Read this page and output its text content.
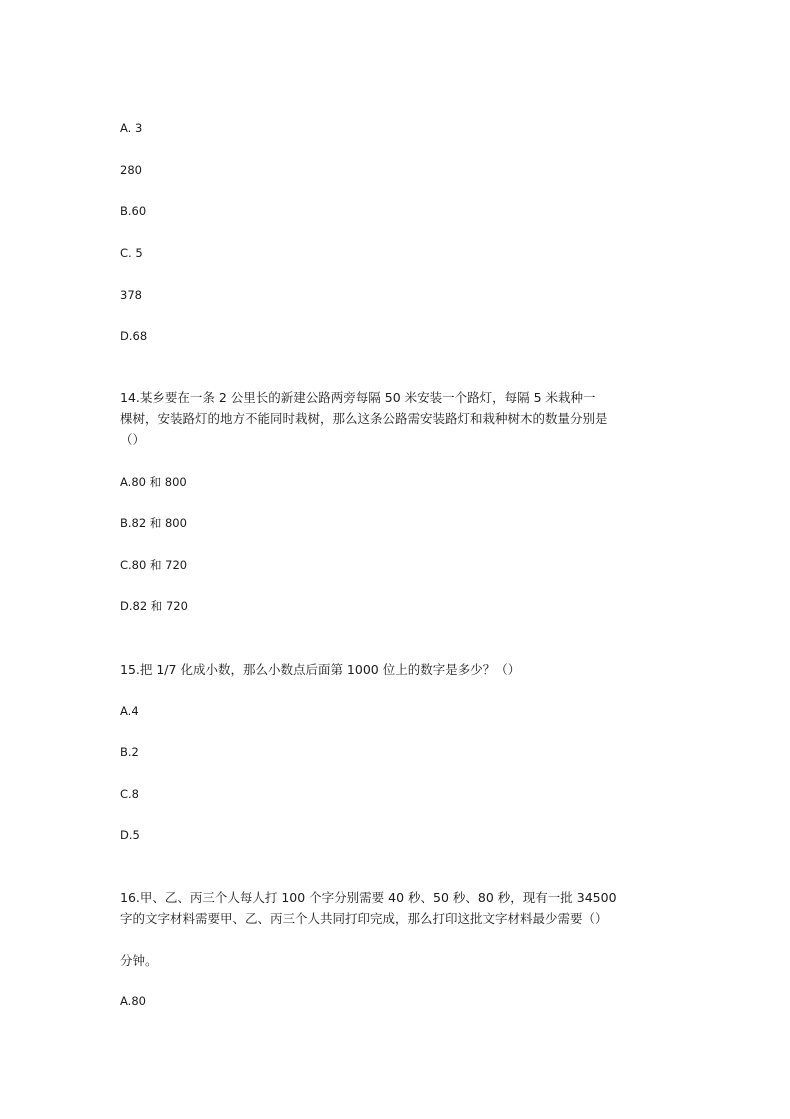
A. 3
280
B.60
C. 5
378
D.68
14.某乡要在一条 2 公里长的新建公路两旁每隔 50 米安装一个路灯，每隔 5 米栽种一
棵树，安装路灯的地方不能同时栽树，那么这条公路需安装路灯和栽种树木的数量分别是
（）
A.80 和 800
B.82 和 800
C.80 和 720
D.82 和 720
15.把 1/7 化成小数，那么小数点后面第 1000 位上的数字是多少？（）
A.4
B.2
C.8
D.5
16.甲、乙、丙三个人每人打 100 个字分别需要 40 秒、50 秒、80 秒，现有一批 34500
字的文字材料需要甲、乙、丙三个人共同打印完成，那么打印这批文字材料最少需要（）
分钟。
A.80
